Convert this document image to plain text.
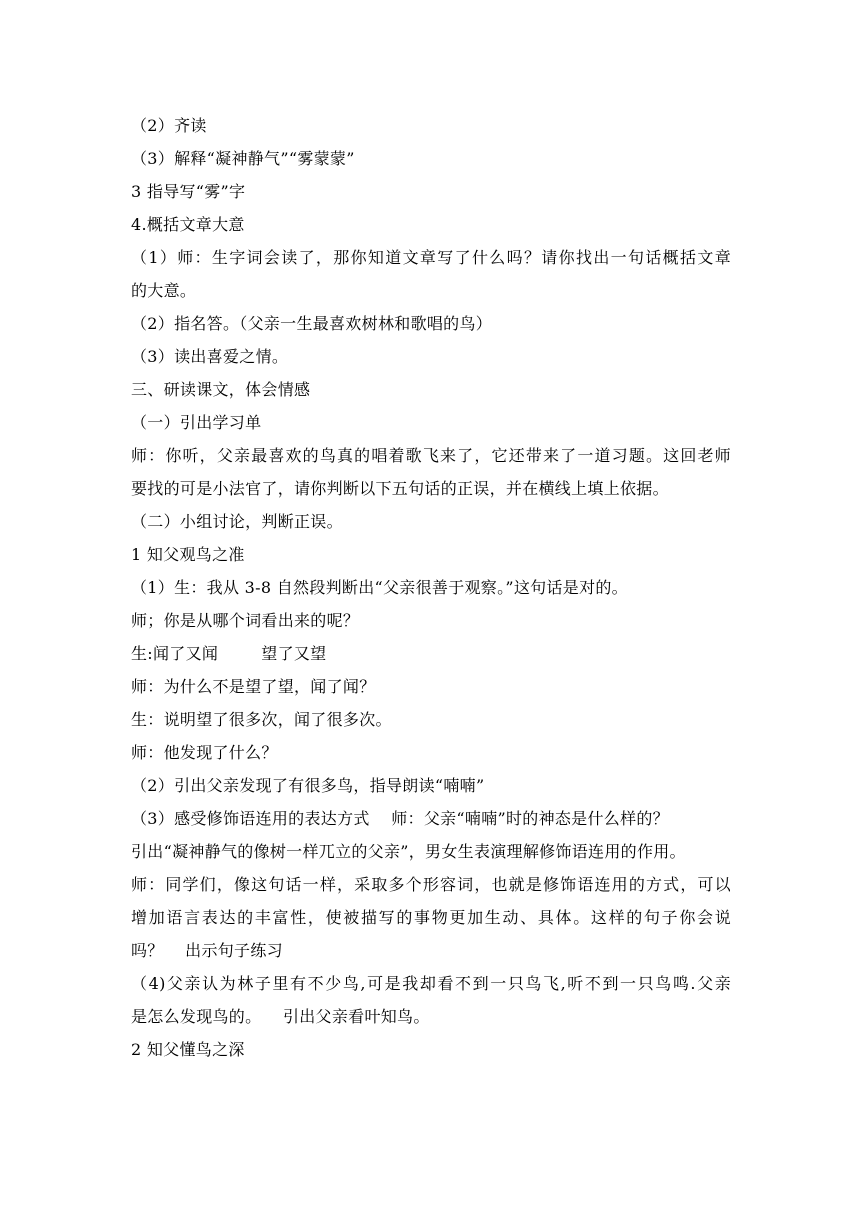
（2）齐读
（3）解释“凝神静气”“雾蒙蒙”
3 指导写“雾”字
4.概括文章大意
（1）师：生字词会读了，那你知道文章写了什么吗？请你找出一句话概括文章
的大意。
（2）指名答。（父亲一生最喜欢树林和歌唱的鸟）
（3）读出喜爱之情。
三、研读课文，体会情感
（一）引出学习单
师：你听，父亲最喜欢的鸟真的唱着歌飞来了，它还带来了一道习题。这回老师
要找的可是小法官了，请你判断以下五句话的正误，并在横线上填上依据。
（二）小组讨论，判断正误。
1 知父观鸟之准
（1）生：我从 3-8 自然段判断出“父亲很善于观察。”这句话是对的。
师；你是从哪个词看出来的呢？
生:闻了又闻        望了又望
师：为什么不是望了望，闻了闻？
生：说明望了很多次，闻了很多次。
师：他发现了什么？
（2）引出父亲发现了有很多鸟，指导朗读“喃喃”
（3）感受修饰语连用的表达方式    师：父亲“喃喃”时的神态是什么样的？
引出“凝神静气的像树一样兀立的父亲”，男女生表演理解修饰语连用的作用。
师：同学们，像这句话一样，采取多个形容词，也就是修饰语连用的方式，可以
增加语言表达的丰富性，使被描写的事物更加生动、具体。这样的句子你会说
吗？    出示句子练习
（4)父亲认为林子里有不少鸟,可是我却看不到一只鸟飞,听不到一只鸟鸣.父亲
是怎么发现鸟的。    引出父亲看叶知鸟。
2 知父懂鸟之深
